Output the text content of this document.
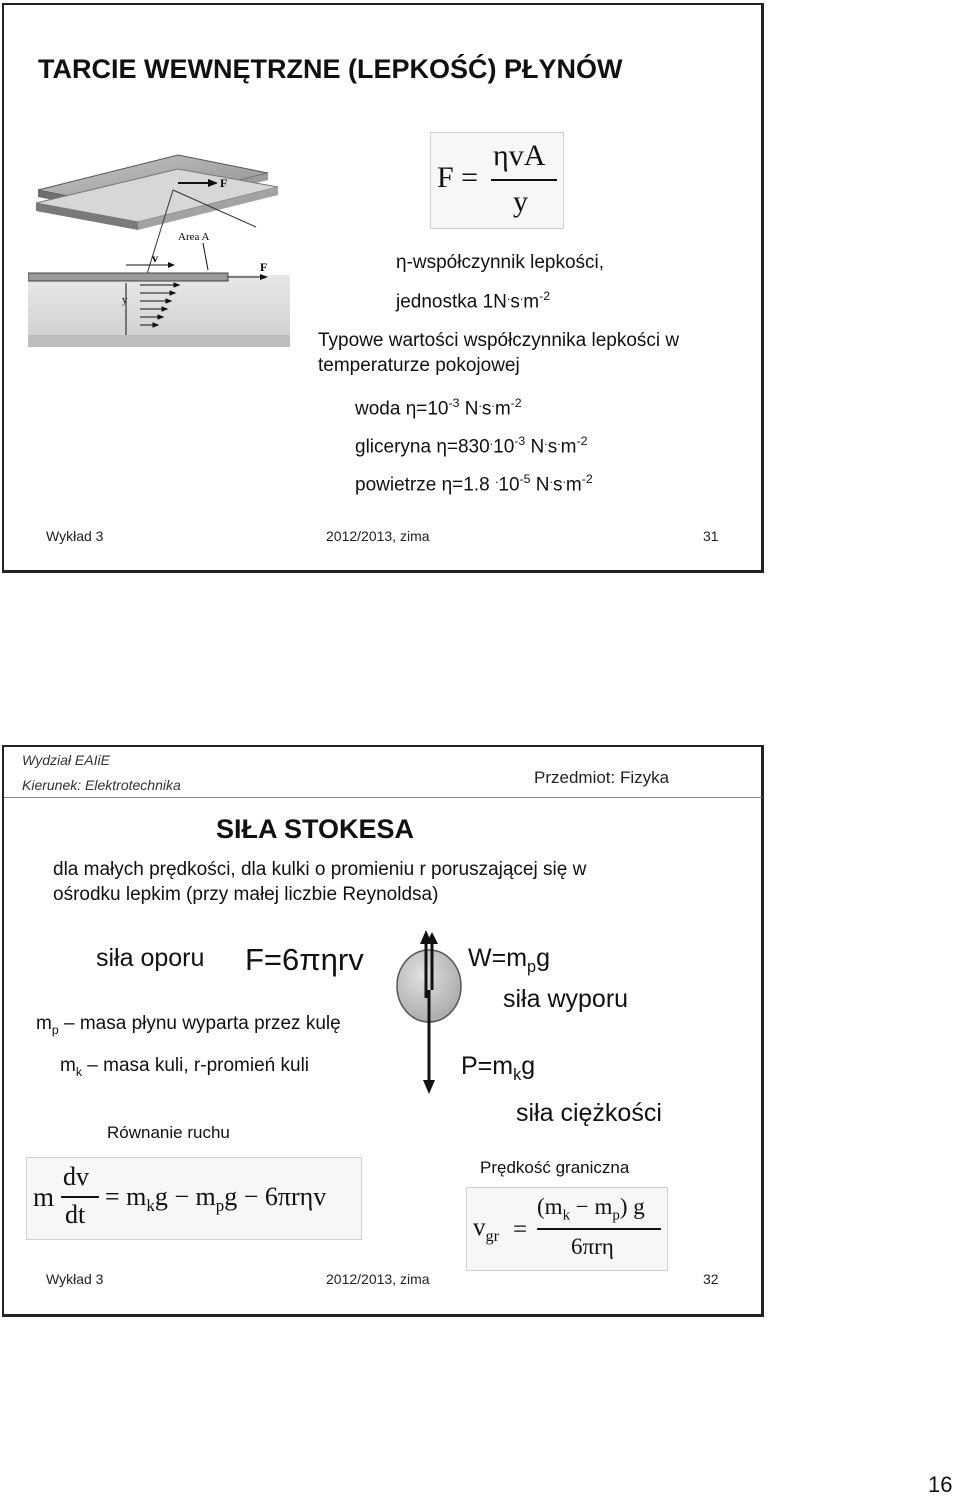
TARCIE WEWNĘTRZNE (LEPKOŚĆ) PŁYNÓW
F
Area A
v
F
y
F =
ηvA
y
η-współczynnik lepkości,
jednostka $1N^.s^.m^{-2}$
Typowe wartości współczynnika lepkości w
temperaturze pokojowej
woda $\eta=10^{-3}$ $N^.s^.m^{-2}$
gliceryna $\eta=830^.10^{-3}$ $N^.s^.m^{-2}$
powietrze η=1.8 $^.10^{-5}$ $N^.s^.m^{-2}$
Wykład 3	2012/2013, zima	31
Wydział EAIiE
Kierunek: Elektrotechnika	Przedmiot: Fizyka
SIŁA STOKESA
dla małych prędkości, dla kulki o promieniu r poruszającej się w
ośrodku lepkim (przy małej liczbie Reynoldsa)
siła oporu F=6πηrv
$m_p$ – masa płynu wyparta przez kulę
$m_k$ – masa kuli, r-promień kuli
$W=m_pg$
siła wyporu
$P=m_kg$
siła ciężkości
Równanie ruchu
m
dv
dt
= $m_kg - m_pg - 6\pi r\eta v$
Prędkość graniczna
$v_{gr}$ =
$(m_k - m_p)$ g
6πrη
Wykład 3	2012/2013, zima	32
16
